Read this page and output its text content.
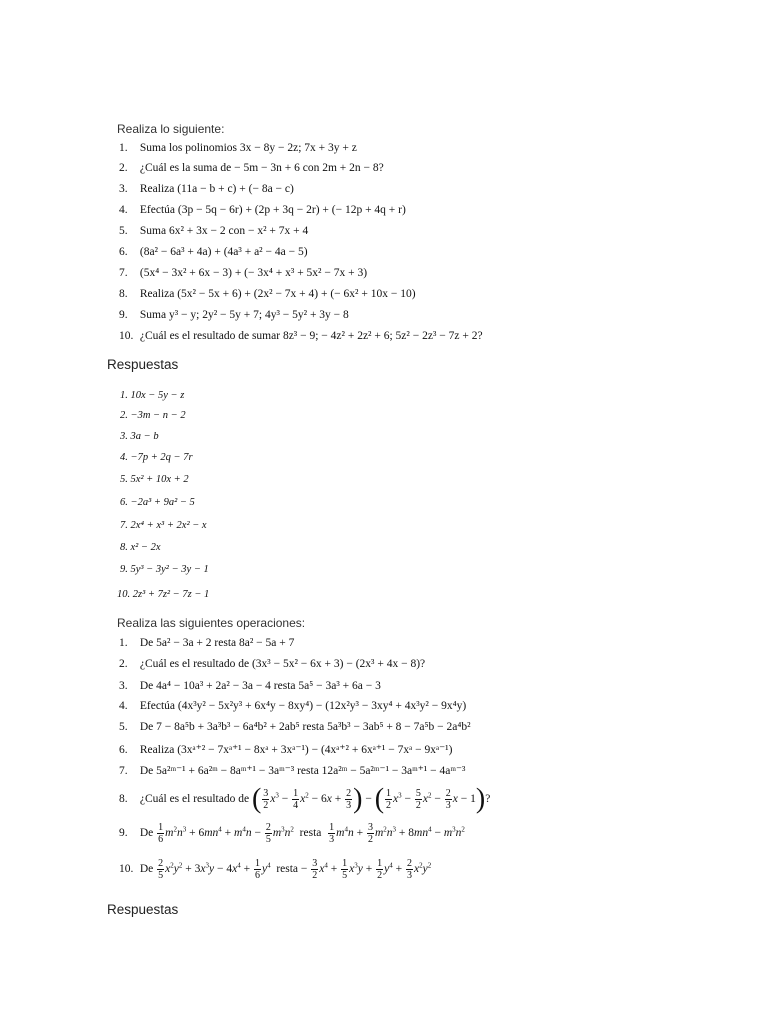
Realiza lo siguiente:
1. Suma los polinomios 3x − 8y − 2z; 7x + 3y + z
2. ¿Cuál es la suma de − 5m − 3n + 6 con 2m + 2n − 8?
3. Realiza (11a − b + c) + (− 8a − c)
4. Efectúa (3p − 5q − 6r) + (2p + 3q − 2r) + (− 12p + 4q + r)
5. Suma 6x² + 3x − 2 con − x² + 7x + 4
6. (8a² − 6a³ + 4a) + (4a³ + a² − 4a − 5)
7. (5x⁴ − 3x² + 6x − 3) + (− 3x⁴ + x³ + 5x² − 7x + 3)
8. Realiza (5x² − 5x + 6) + (2x² − 7x + 4) + (− 6x² + 10x − 10)
9. Suma y³ − y; 2y² − 5y + 7; 4y³ − 5y² + 3y − 8
10. ¿Cuál es el resultado de sumar 8z³ − 9; − 4z² + 2z² + 6; 5z² − 2z³ − 7z + 2?
Respuestas
1. 10x − 5y − z
2. −3m − n − 2
3. 3a − b
4. −7p + 2q − 7r
5. 5x² + 10x + 2
6. −2a³ + 9a² − 5
7. 2x⁴ + x³ + 2x² − x
8. x² − 2x
9. 5y³ − 3y² − 3y − 1
10. 2z³ + 7z² − 7z − 1
Realiza las siguientes operaciones:
1. De 5a² − 3a + 2 resta 8a² − 5a + 7
2. ¿Cuál es el resultado de (3x³ − 5x² − 6x + 3) − (2x³ + 4x − 8)?
3. De 4a⁴ − 10a³ + 2a² − 3a − 4 resta 5a⁵ − 3a³ + 6a − 3
4. Efectúa (4x³y² − 5x²y³ + 6x⁴y − 8xy⁴) − (12x²y³ − 3xy⁴ + 4x³y² − 9x⁴y)
5. De 7 − 8a⁵b + 3a³b³ − 6a⁴b² + 2ab⁵ resta 5a³b³ − 3ab⁵ + 8 − 7a⁵b − 2a⁴b²
6. Realiza (3xᵃ⁺² − 7xᵃ⁺¹ − 8xᵃ + 3xᵃ⁻¹) − (4xᵃ⁺² + 6xᵃ⁺¹ − 7xᵃ − 9xᵃ⁻¹)
7. De 5a²ᵐ⁻¹ + 6a²ᵐ − 8aᵐ⁺¹ − 3aᵐ⁻³ resta 12a²ᵐ − 5a²ᵐ⁻¹ − 3aᵐ⁺¹ − 4aᵐ⁻³
8. ¿Cuál es el resultado de ( $\frac{3}{2} x^3 - \frac{1}{4} x^2 - 6x + \frac{2}{3}$ ) − ( $\frac{1}{2} x^3 - \frac{5}{2} x^2 - \frac{2}{3}$ x − 1)?
9. De $\frac{1}{6} m^2n^3 + 6mn^4 + m^4n - \frac{2}{5} m^3n^2$ resta $\frac{1}{3} m^4n + \frac{3}{2} m^2n^3 + 8mn^4 - m^3n^2$
10. De $\frac{2}{5} x^2y^2 + 3x^3y - 4x^4 + \frac{1}{6} y^4$ resta − $\frac{3}{2} x^4 + \frac{1}{5} x^3y + \frac{1}{2} y^4 + \frac{2}{3} x^2y^2$
Respuestas
